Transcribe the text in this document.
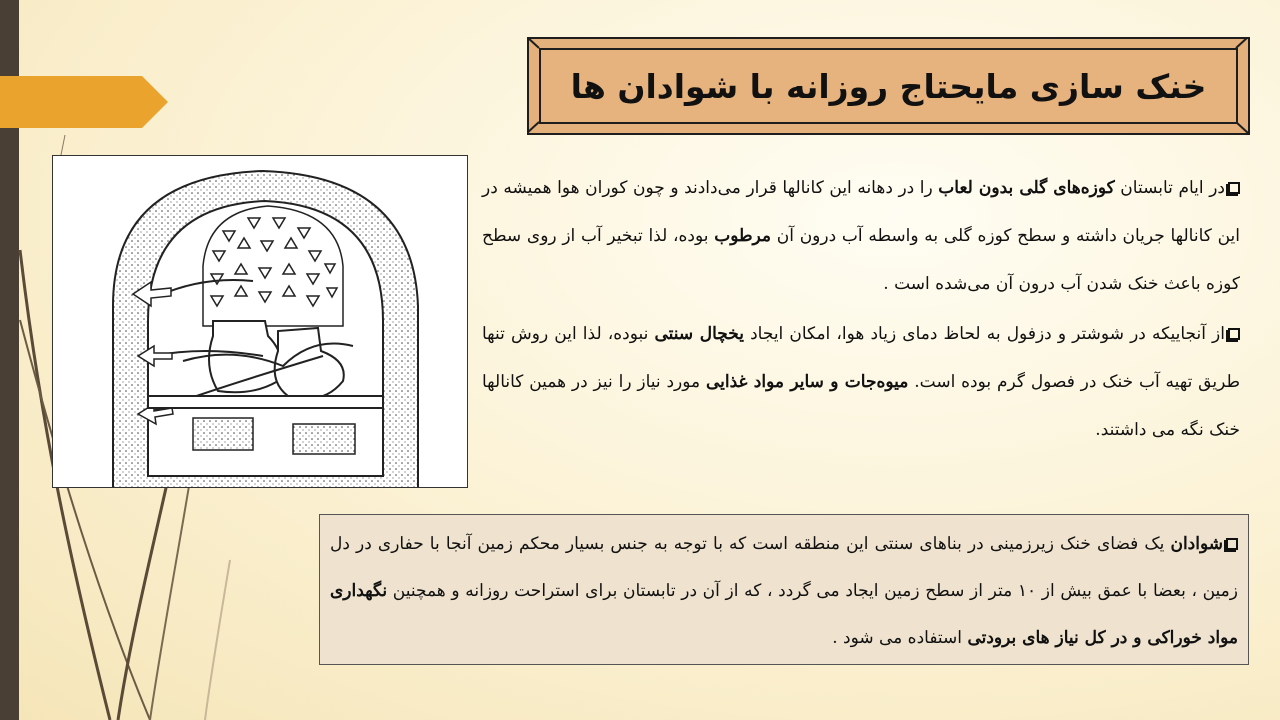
خنک سازی مایحتاج روزانه با شوادان ها

در ایام تابستان کوزه‌های گلی بدون لعاب را در دهانه این کانالها قرار می‌دادند و چون کوران هوا همیشه در این کانالها جریان داشته و سطح کوزه گلی به واسطه آب درون آن مرطوب بوده، لذا تبخیر آب از روی سطح کوزه باعث خنک شدن آب درون آن می‌شده است .

از آنجاییکه در شوشتر و دزفول به لحاظ دمای زیاد هوا، امکان ایجاد یخچال سنتی نبوده، لذا این روش تنها طریق تهیه آب خنک در فصول گرم بوده است. میوه‌جات و سایر مواد غذایی مورد نیاز را نیز در همین کانالها خنک نگه می داشتند.

شوادان یک فضای خنک زیرزمینی در بناهای سنتی این منطقه است که با توجه به جنس بسیار محکم زمین آنجا با حفاری در دل زمین ، بعضا با عمق بیش از ۱۰ متر از سطح زمین ایجاد می گردد ، که از آن در تابستان برای استراحت روزانه و همچنین نگهداری مواد خوراکی و در کل نیاز های برودتی استفاده می شود .
